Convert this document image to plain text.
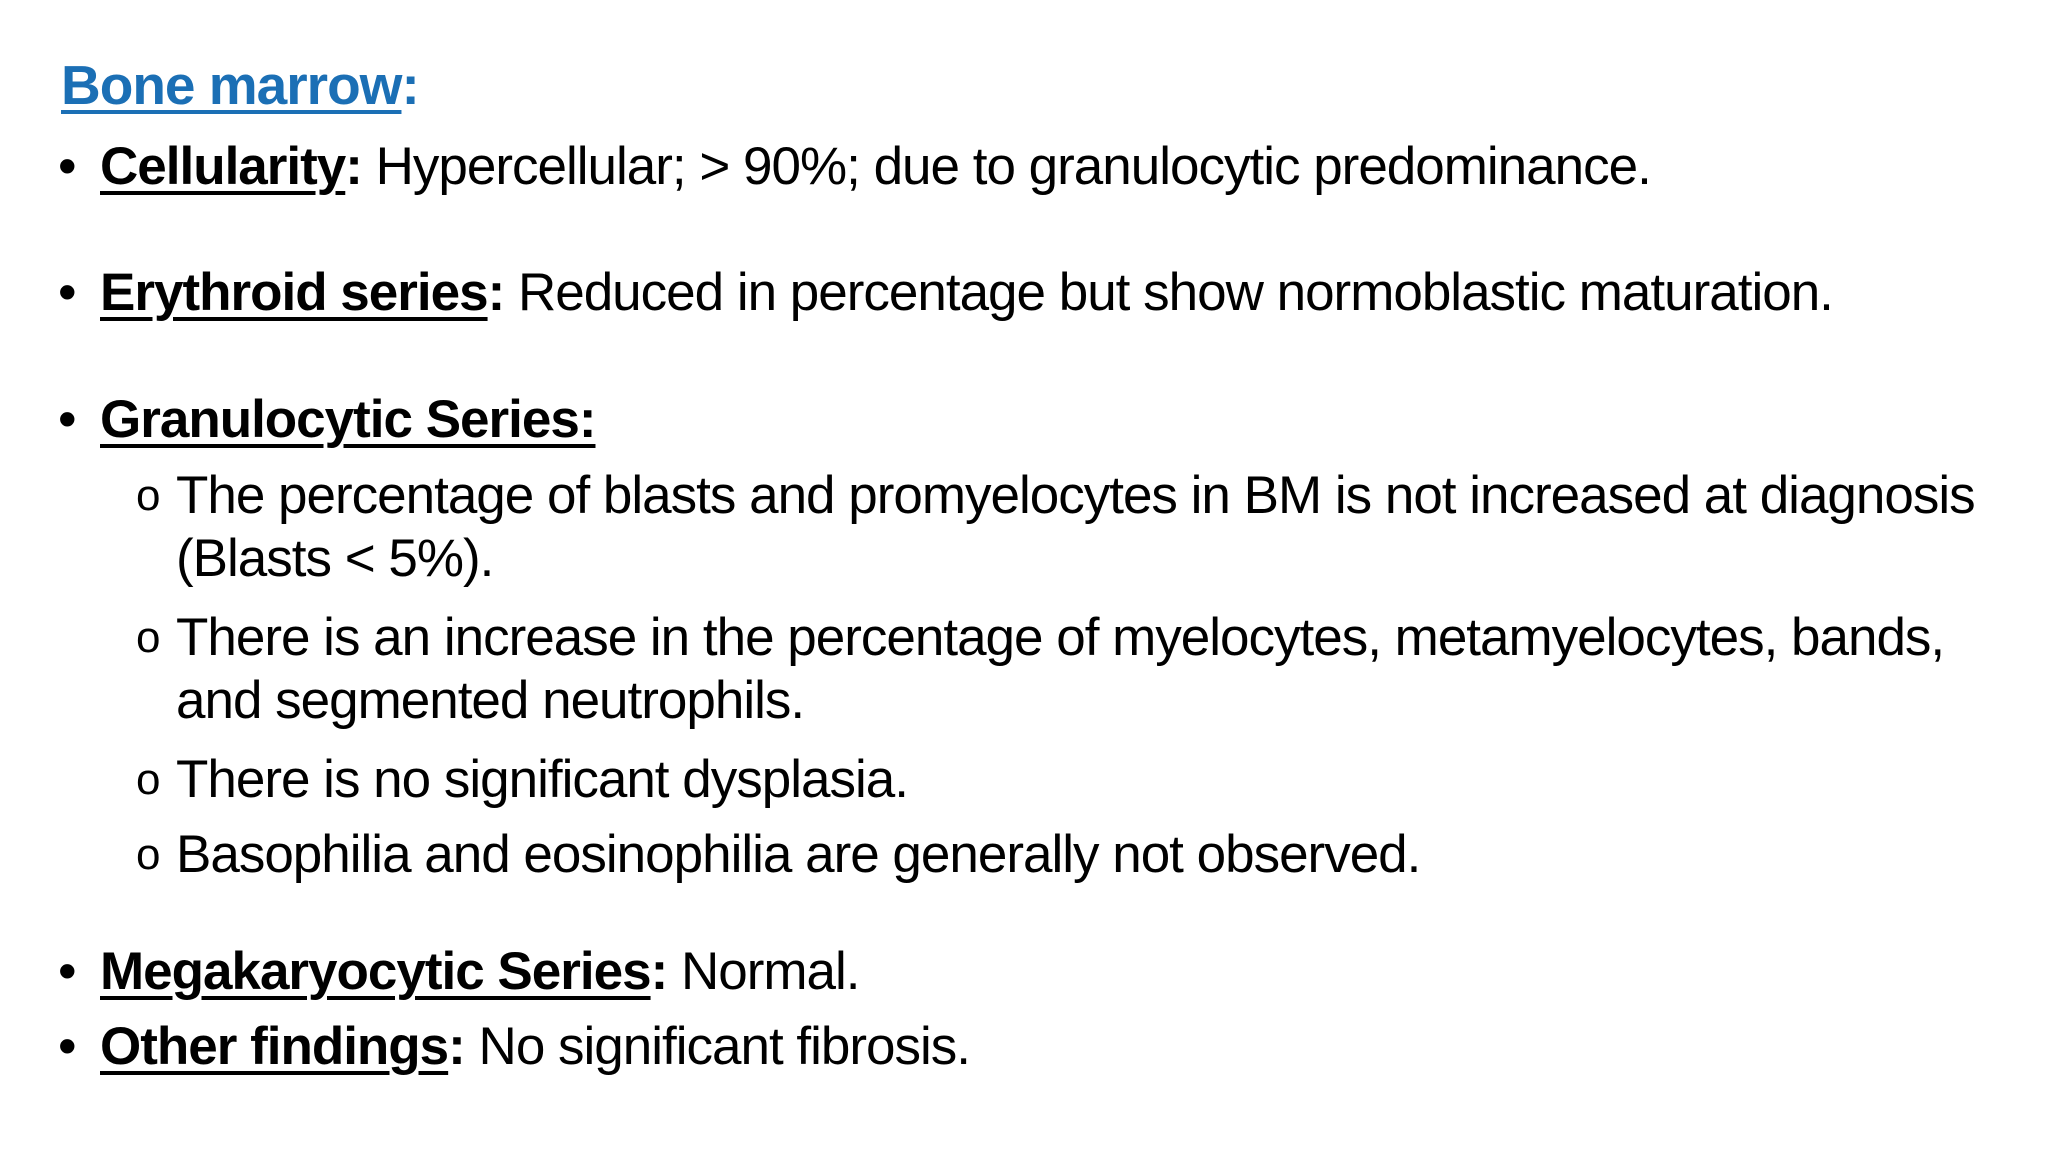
Bone marrow:
• Cellularity: Hypercellular; > 90%; due to granulocytic predominance.
• Erythroid series: Reduced in percentage but show normoblastic maturation.
• Granulocytic Series:
o The percentage of blasts and promyelocytes in BM is not increased at diagnosis
(Blasts < 5%).
o There is an increase in the percentage of myelocytes, metamyelocytes, bands,
and segmented neutrophils.
o There is no significant dysplasia.
o Basophilia and eosinophilia are generally not observed.
• Megakaryocytic Series: Normal.
• Other findings: No significant fibrosis.
